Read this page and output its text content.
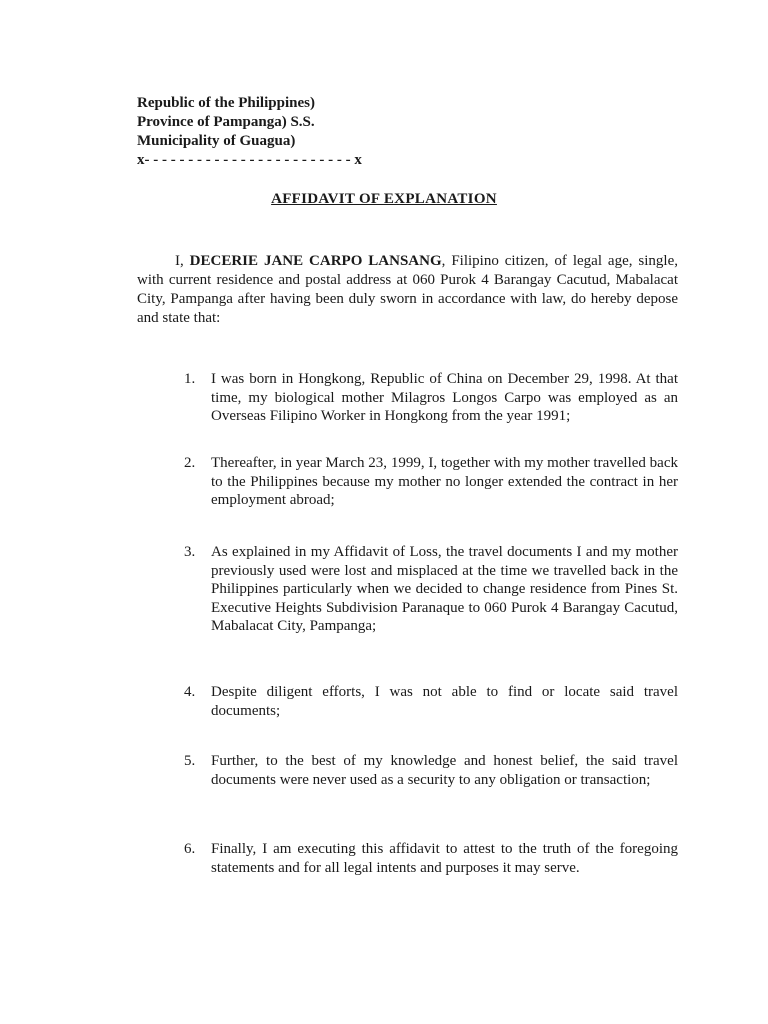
Republic of the Philippines)
Province of Pampanga) S.S.
Municipality of Guagua)
x- - - - - - - - - - - - - - - - - - - - - - - - x
AFFIDAVIT OF EXPLANATION
I, DECERIE JANE CARPO LANSANG, Filipino citizen, of legal age, single, with current residence and postal address at 060 Purok 4 Barangay Cacutud, Mabalacat City, Pampanga after having been duly sworn in accordance with law, do hereby depose and state that:
1.	I was born in Hongkong, Republic of China on December 29, 1998. At that time, my biological mother Milagros Longos Carpo was employed as an Overseas Filipino Worker in Hongkong from the year 1991;
2.	Thereafter, in year March 23, 1999, I, together with my mother travelled back to the Philippines because my mother no longer extended the contract in her employment abroad;
3.	As explained in my Affidavit of Loss, the travel documents I and my mother previously used were lost and misplaced at the time we travelled back in the Philippines particularly when we decided to change residence from Pines St. Executive Heights Subdivision Paranaque to 060 Purok 4 Barangay Cacutud, Mabalacat City, Pampanga;
4.	Despite diligent efforts, I was not able to find or locate said travel documents;
5.	Further, to the best of my knowledge and honest belief, the said travel documents were never used as a security to any obligation or transaction;
6.	Finally, I am executing this affidavit to attest to the truth of the foregoing statements and for all legal intents and purposes it may serve.
